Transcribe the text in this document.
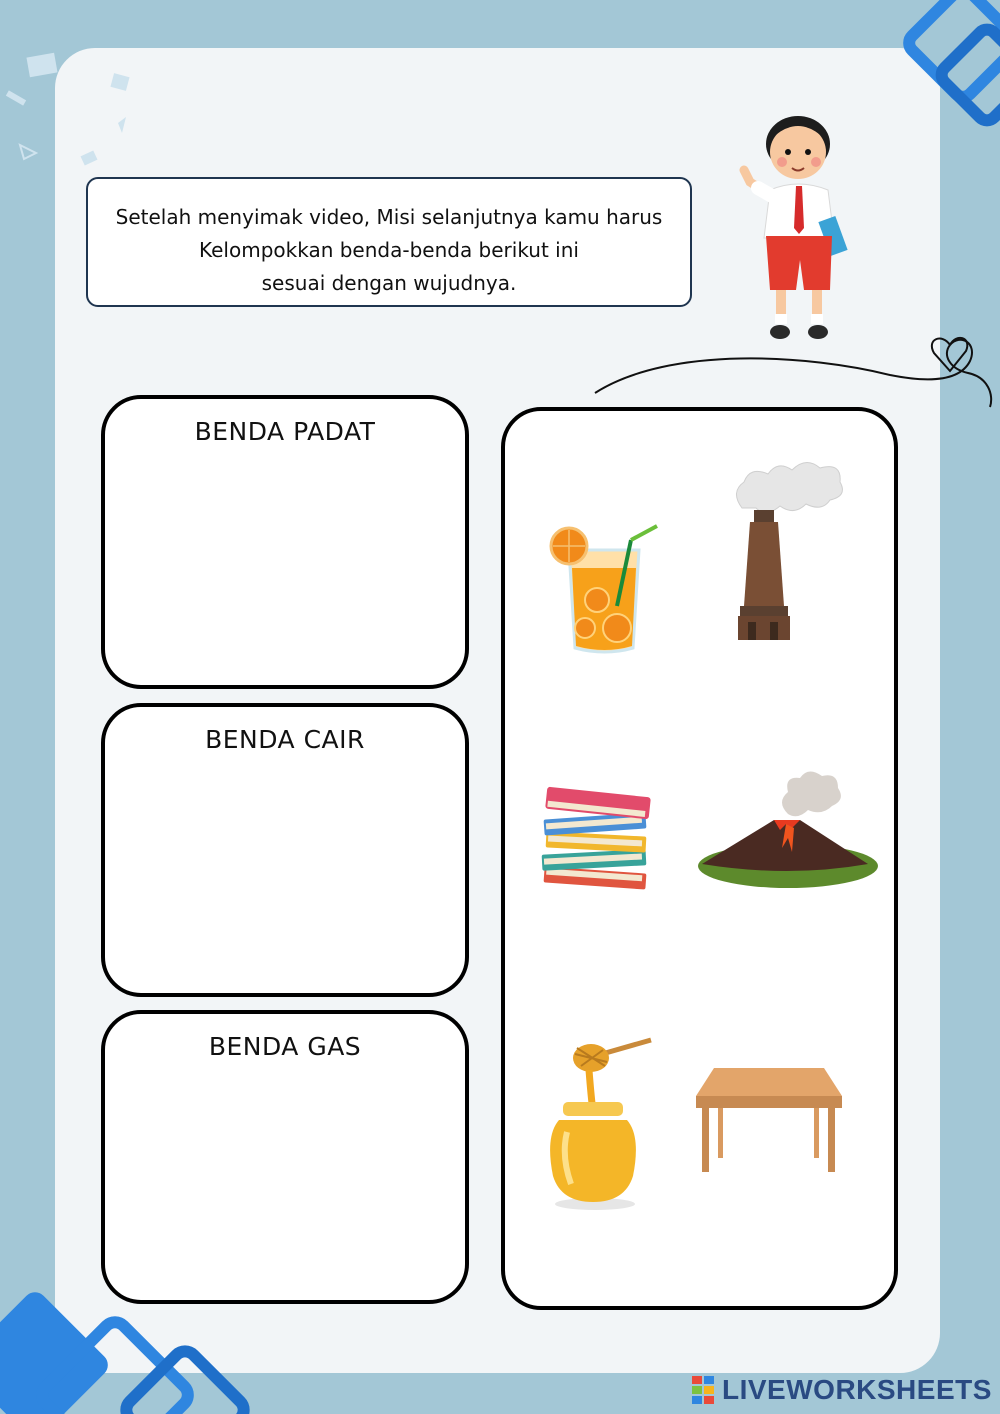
Setelah menyimak video, Misi selanjutnya kamu harus
Kelompokkan benda-benda berikut ini
sesuai dengan wujudnya.
BENDA PADAT
BENDA CAIR
BENDA GAS
LIVEWORKSHEETS
